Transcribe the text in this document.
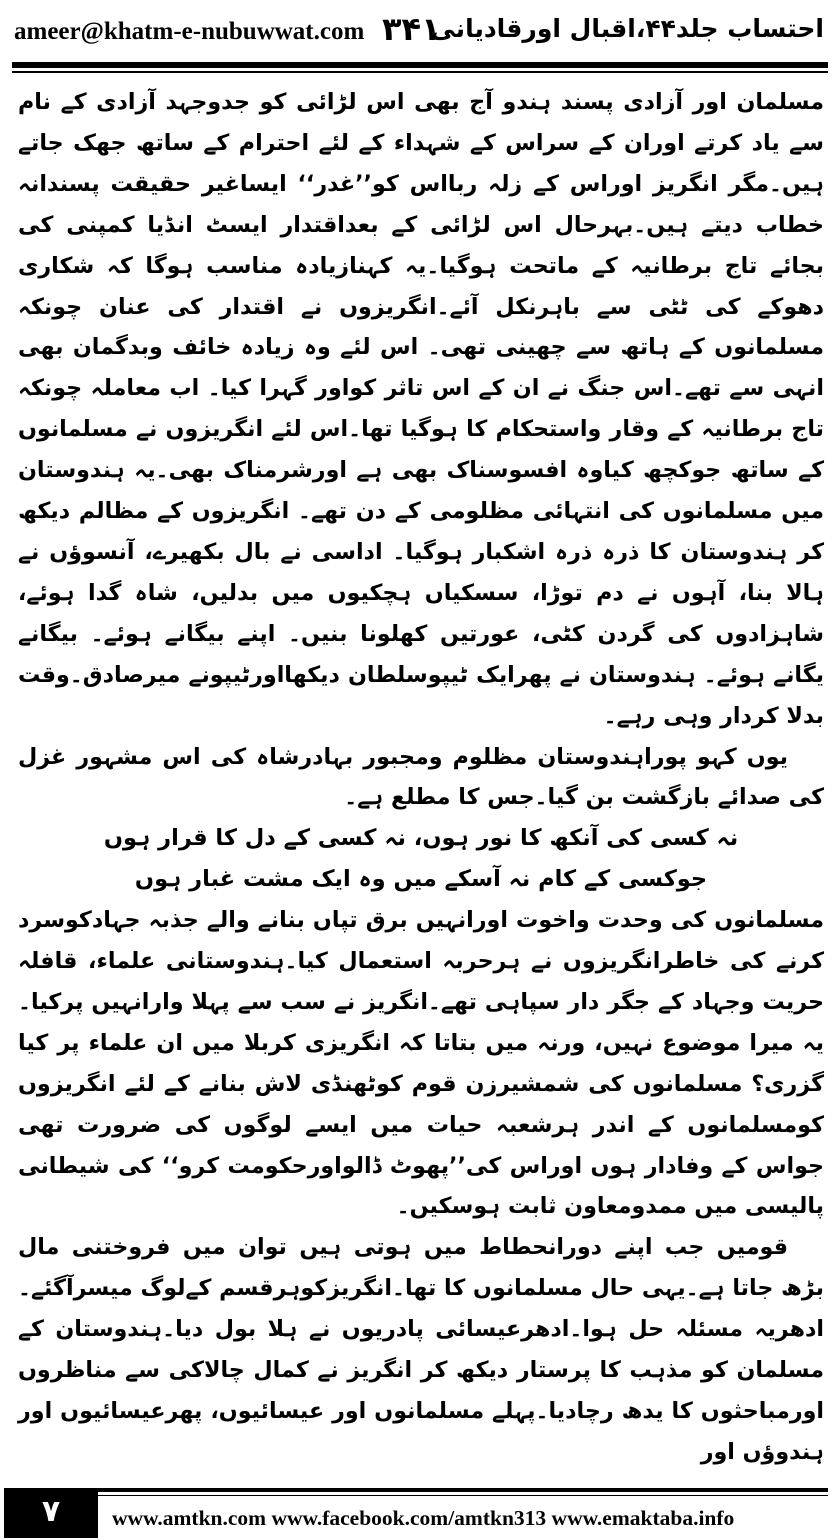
ameer@khatm-e-nubuwwat.com ۳۴۱
احتساب جلد۴۴،اقبال اورقادیانی

مسلمان اور آزادی پسند ہندو آج بھی اس لڑائی کو جدوجہد آزادی کے نام سے یاد کرتے اوران کے سراس کے شہداء کے لئے احترام کے ساتھ جھک جاتے ہیں۔مگر انگریز اوراس کے زلہ ربااس کو’’غدر‘‘ ایساغیر حقیقت پسندانہ خطاب دیتے ہیں۔بہرحال اس لڑائی کے بعداقتدار ایسٹ انڈیا کمپنی کی بجائے تاج برطانیہ کے ماتحت ہوگیا۔یہ کہنازیادہ مناسب ہوگا کہ شکاری دھوکے کی ٹٹی سے باہرنکل آئے۔انگریزوں نے اقتدار کی عنان چونکہ مسلمانوں کے ہاتھ سے چھینی تھی۔ اس لئے وہ زیادہ خائف وبدگمان بھی انہی سے تھے۔اس جنگ نے ان کے اس تاثر کواور گہرا کیا۔ اب معاملہ چونکہ تاج برطانیہ کے وقار واستحکام کا ہوگیا تھا۔اس لئے انگریزوں نے مسلمانوں کے ساتھ جوکچھ کیاوہ افسوسناک بھی ہے اورشرمناک بھی۔یہ ہندوستان میں مسلمانوں کی انتہائی مظلومی کے دن تھے۔ انگریزوں کے مظالم دیکھ کر ہندوستان کا ذرہ ذرہ اشکبار ہوگیا۔ اداسی نے بال بکھیرے، آنسوؤں نے ہالا بنا، آہوں نے دم توڑا، سسکیاں ہچکیوں میں بدلیں، شاہ گدا ہوئے، شاہزادوں کی گردن کٹی، عورتیں کھلونا بنیں۔ اپنے بیگانے ہوئے۔ بیگانے یگانے ہوئے۔ ہندوستان نے پھرایک ٹیپوسلطان دیکھااورٹیپونے میرصادق۔وقت بدلا کردار وہی رہے۔

یوں کہو پوراہندوستان مظلوم ومجبور بہادرشاہ کی اس مشہور غزل کی صدائے بازگشت بن گیا۔جس کا مطلع ہے۔

نہ کسی کی آنکھ کا نور ہوں، نہ کسی کے دل کا قرار ہوں

جوکسی کے کام نہ آسکے میں وہ ایک مشت غبار ہوں

مسلمانوں کی وحدت واخوت اورانہیں برق تپاں بنانے والے جذبہ جہادکوسرد کرنے کی خاطرانگریزوں نے ہرحربہ استعمال کیا۔ہندوستانی علماء، قافلہ حریت وجہاد کے جگر دار سپاہی تھے۔انگریز نے سب سے پہلا وارانہیں پرکیا۔یہ میرا موضوع نہیں، ورنہ میں بتاتا کہ انگریزی کربلا میں ان علماء پر کیا گزری؟ مسلمانوں کی شمشیرزن قوم کوٹھنڈی لاش بنانے کے لئے انگریزوں کومسلمانوں کے اندر ہرشعبہ حیات میں ایسے لوگوں کی ضرورت تھی جواس کے وفادار ہوں اوراس کی’’پھوٹ ڈالواورحکومت کرو‘‘ کی شیطانی پالیسی میں ممدومعاون ثابت ہوسکیں۔

قومیں جب اپنے دورانحطاط میں ہوتی ہیں توان میں فروختنی مال بڑھ جاتا ہے۔یہی حال مسلمانوں کا تھا۔انگریزکوہرقسم کےلوگ میسرآگئے۔ادھریہ مسئلہ حل ہوا۔ادھرعیسائی پادریوں نے ہلا بول دیا۔ہندوستان کے مسلمان کو مذہب کا پرستار دیکھ کر انگریز نے کمال چالاکی سے مناظروں اورمباحثوں کا یدھ رچادیا۔پہلے مسلمانوں اور عیسائیوں، پھرعیسائیوں اور ہندوؤں اور

۷	www.amtkn.com www.facebook.com/amtkn313 www.emaktaba.info
